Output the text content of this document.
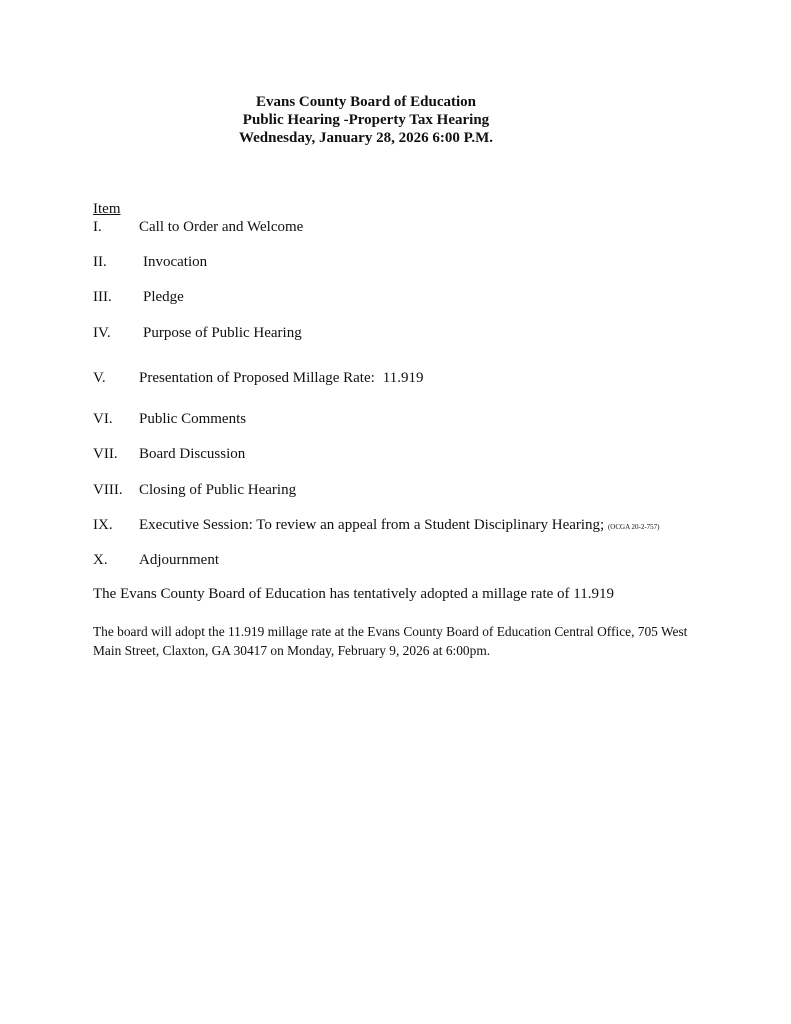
Evans County Board of Education
Public Hearing -Property Tax Hearing
Wednesday, January 28, 2026 6:00 P.M.
Item
I. Call to Order and Welcome
II. Invocation
III. Pledge
IV. Purpose of Public Hearing
V. Presentation of Proposed Millage Rate: 11.919
VI. Public Comments
VII. Board Discussion
VIII. Closing of Public Hearing
IX. Executive Session: To review an appeal from a Student Disciplinary Hearing; (OCGA 20-2-757)
X. Adjournment
The Evans County Board of Education has tentatively adopted a millage rate of 11.919
The board will adopt the 11.919 millage rate at the Evans County Board of Education Central Office, 705 West Main Street, Claxton, GA 30417 on Monday, February 9, 2026 at 6:00pm.
